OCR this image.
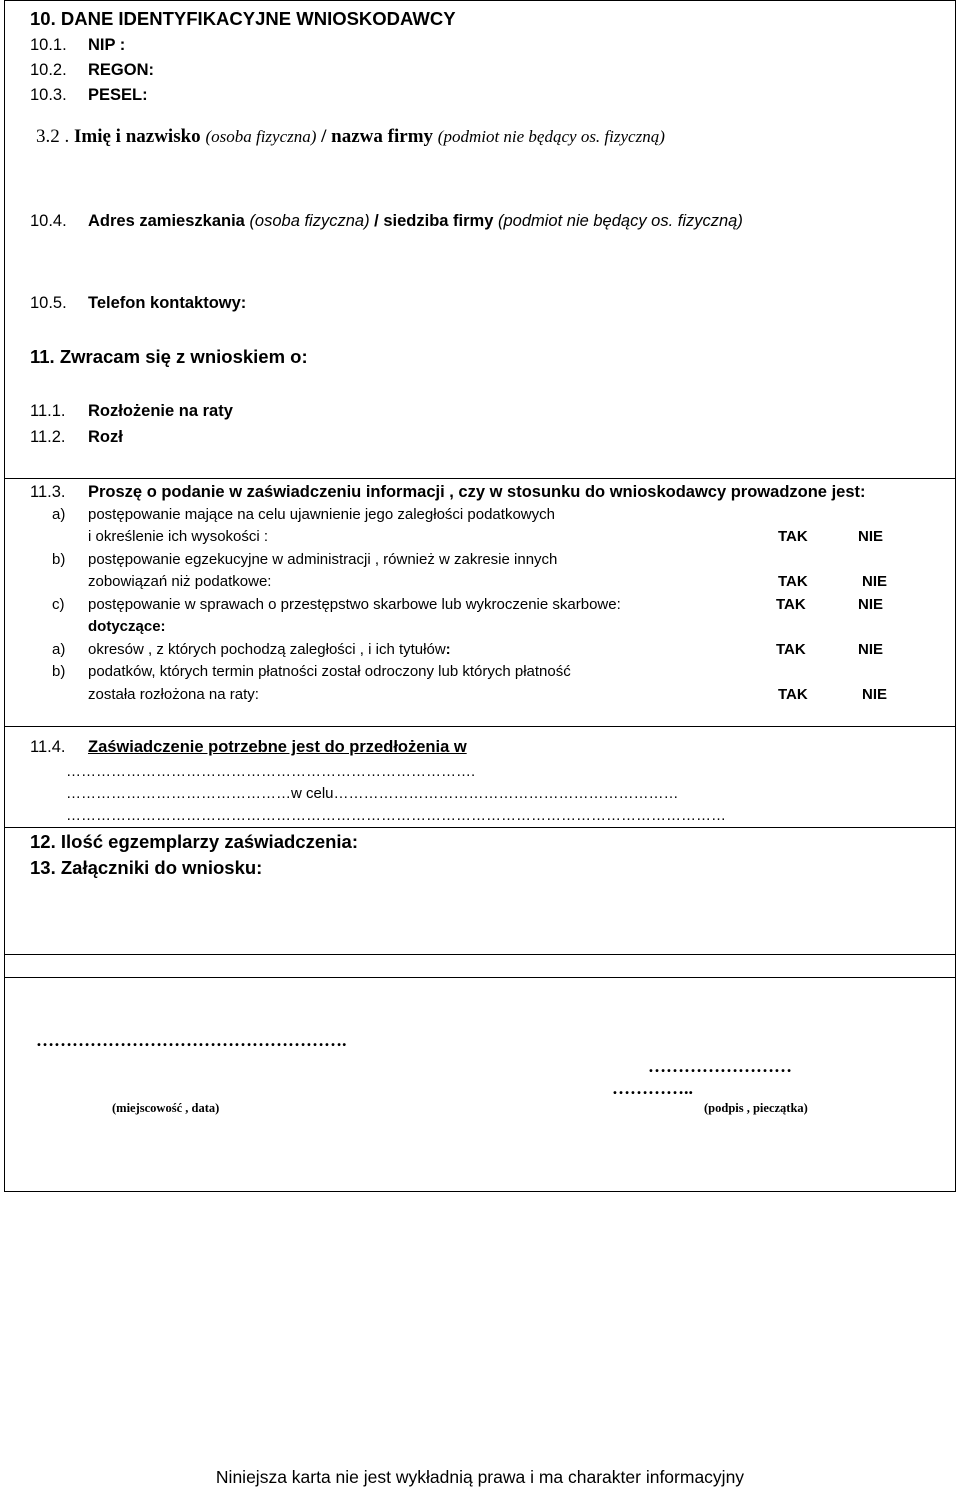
10. DANE IDENTYFIKACYJNE WNIOSKODAWCY
10.1. NIP :
10.2. REGON:
10.3. PESEL:
3.2 . Imię i nazwisko (osoba fizyczna) / nazwa firmy (podmiot nie będący os. fizyczną)
10.4. Adres zamieszkania (osoba fizyczna) / siedziba firmy (podmiot nie będący os. fizyczną)
10.5. Telefon kontaktowy:
11. Zwracam się z wnioskiem o:
11.1. Rozłożenie na raty
11.2. Rozł
11.3. Proszę o podanie w zaświadczeniu informacji , czy w stosunku do wnioskodawcy prowadzone jest:
a) postępowanie mające na celu ujawnienie jego zaległości podatkowych
i określenie ich wysokości :	TAK	NIE
b) postępowanie egzekucyjne w administracji , również w zakresie innych
zobowiązań niż podatkowe:	TAK	NIE
c) postępowanie w sprawach o przestępstwo skarbowe lub wykroczenie skarbowe:	TAK	NIE
dotyczące:
a) okresów , z których pochodzą zaległości , i ich tytułów:	TAK	NIE
b) podatków, których termin płatności został odroczony lub których płatność
została rozłożona na raty:	TAK	NIE
11.4. Zaświadczenie potrzebne jest do przedłożenia w
……………………………………………………………………….
………………………………………w celu……………………………………………………………
……………………………………………………………………………………………………………………
12. Ilość egzemplarzy zaświadczenia:
13. Załączniki do wniosku:
…………………………………………….
……………………
…………..
(miejscowość , data)	(podpis , pieczątka)
Niniejsza karta nie jest wykładnią prawa i ma charakter informacyjny
